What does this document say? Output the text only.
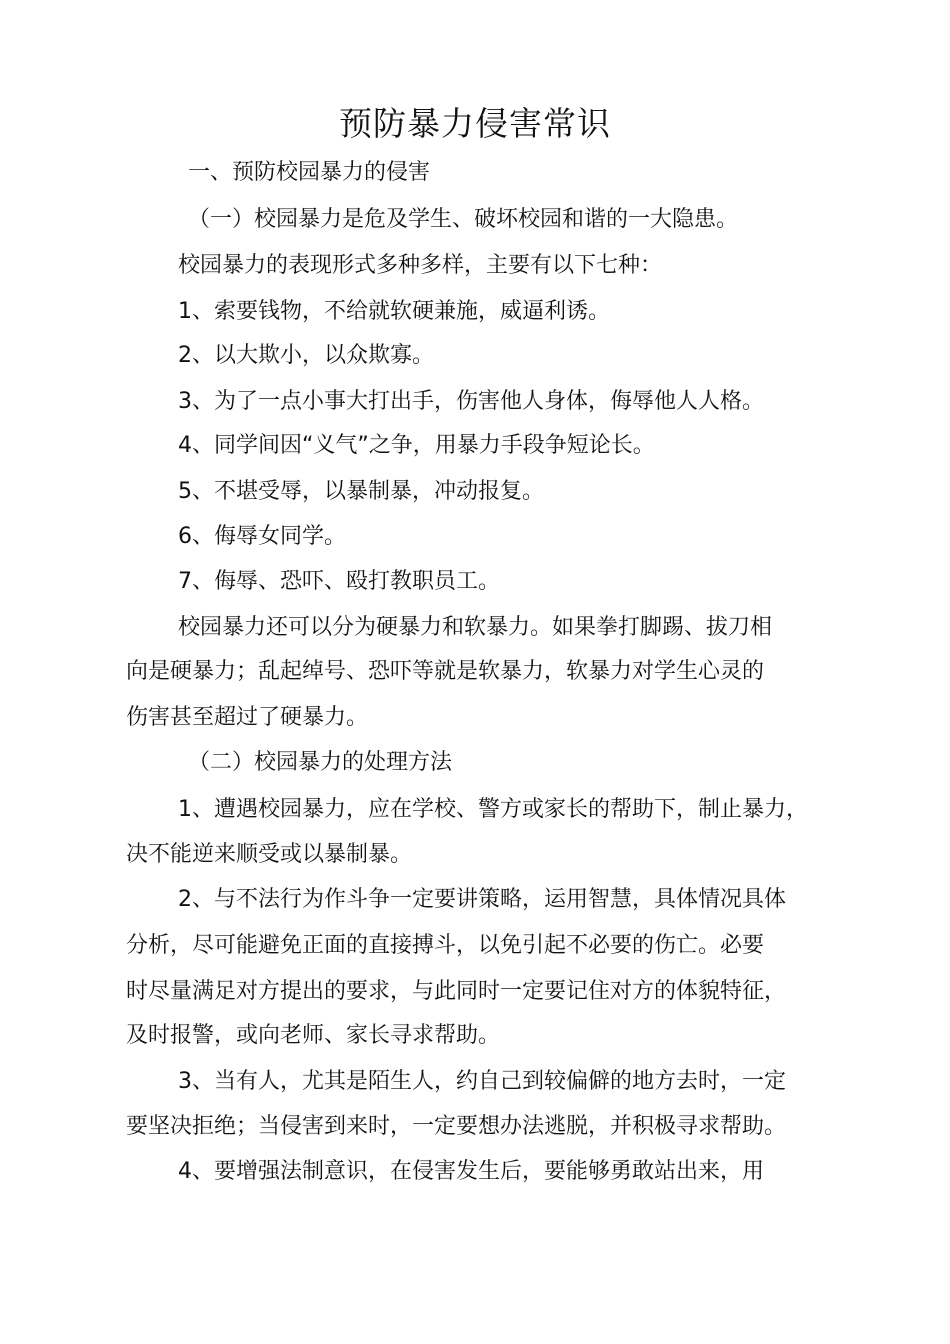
预防暴力侵害常识
一、预防校园暴力的侵害
（一）校园暴力是危及学生、破坏校园和谐的一大隐患。
校园暴力的表现形式多种多样，主要有以下七种：
1、索要钱物，不给就软硬兼施，威逼利诱。
2、以大欺小，以众欺寡。
3、为了一点小事大打出手，伤害他人身体，侮辱他人人格。
4、同学间因“义气”之争，用暴力手段争短论长。
5、不堪受辱，以暴制暴，冲动报复。
6、侮辱女同学。
7、侮辱、恐吓、殴打教职员工。
校园暴力还可以分为硬暴力和软暴力。如果拳打脚踢、拔刀相
向是硬暴力；乱起绰号、恐吓等就是软暴力，软暴力对学生心灵的
伤害甚至超过了硬暴力。
（二）校园暴力的处理方法
1、遭遇校园暴力，应在学校、警方或家长的帮助下，制止暴力，
决不能逆来顺受或以暴制暴。
2、与不法行为作斗争一定要讲策略，运用智慧，具体情况具体
分析，尽可能避免正面的直接搏斗，以免引起不必要的伤亡。必要
时尽量满足对方提出的要求，与此同时一定要记住对方的体貌特征，
及时报警，或向老师、家长寻求帮助。
3、当有人，尤其是陌生人，约自己到较偏僻的地方去时，一定
要坚决拒绝；当侵害到来时，一定要想办法逃脱，并积极寻求帮助。
4、要增强法制意识，在侵害发生后，要能够勇敢站出来，用
